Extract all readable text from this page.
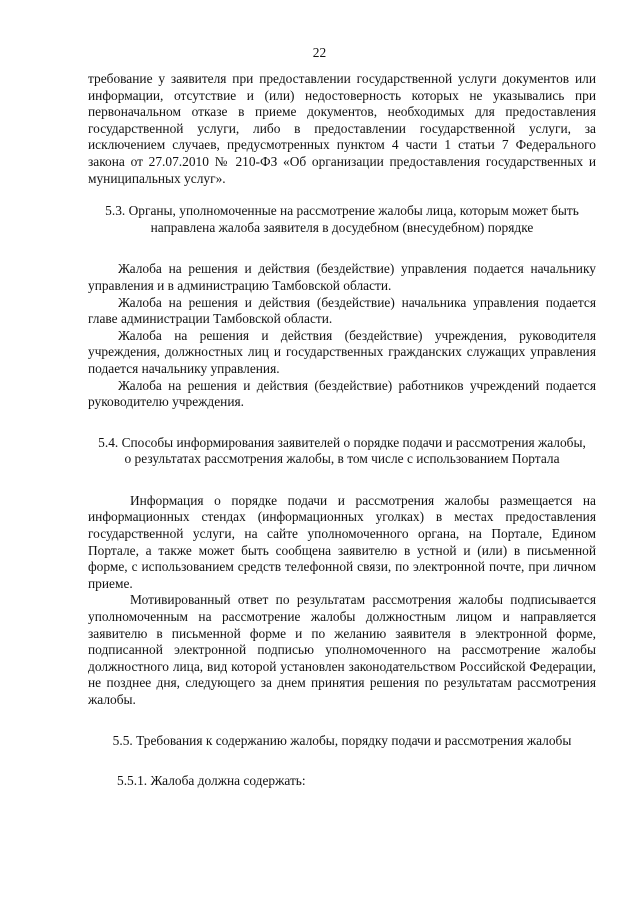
22

требование у заявителя при предоставлении государственной услуги документов или информации, отсутствие и (или) недостоверность которых не указывались при первоначальном отказе в приеме документов, необходимых для предоставления государственной услуги, либо в предоставлении государственной услуги, за исключением случаев, предусмотренных пунктом 4 части 1 статьи 7 Федерального закона от 27.07.2010 № 210-ФЗ «Об организации предоставления государственных и муниципальных услуг».

5.3. Органы, уполномоченные на рассмотрение жалобы лица, которым может быть направлена жалоба заявителя в досудебном (внесудебном) порядке

Жалоба на решения и действия (бездействие) управления подается начальнику управления и в администрацию Тамбовской области.

Жалоба на решения и действия (бездействие) начальника управления подается главе администрации Тамбовской области.

Жалоба на решения и действия (бездействие) учреждения, руководителя учреждения, должностных лиц и государственных гражданских служащих управления подается начальнику управления.

Жалоба на решения и действия (бездействие) работников учреждений подается руководителю учреждения.

5.4. Способы информирования заявителей о порядке подачи и рассмотрения жалобы, о результатах рассмотрения жалобы, в том числе с использованием Портала

Информация о порядке подачи и рассмотрения жалобы размещается на информационных стендах (информационных уголках) в местах предоставления государственной услуги, на сайте уполномоченного органа, на Портале, Едином Портале, а также может быть сообщена заявителю в устной и (или) в письменной форме, с использованием средств телефонной связи, по электронной почте, при личном приеме.

Мотивированный ответ по результатам рассмотрения жалобы подписывается уполномоченным на рассмотрение жалобы должностным лицом и направляется заявителю в письменной форме и по желанию заявителя в электронной форме, подписанной электронной подписью уполномоченного на рассмотрение жалобы должностного лица, вид которой установлен законодательством Российской Федерации, не позднее дня, следующего за днем принятия решения по результатам рассмотрения жалобы.

5.5. Требования к содержанию жалобы, порядку подачи и рассмотрения жалобы

5.5.1. Жалоба должна содержать:
